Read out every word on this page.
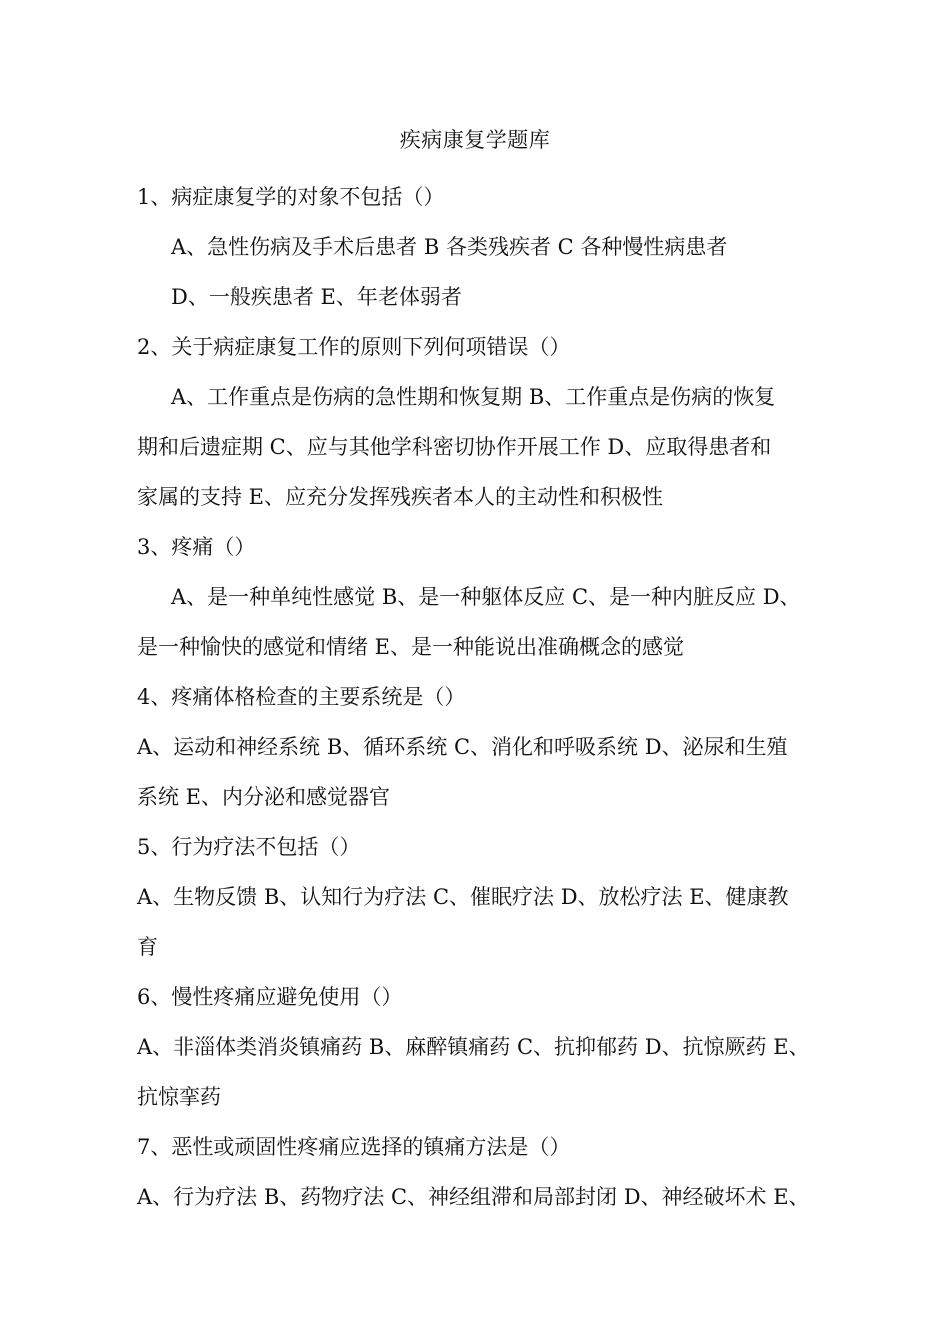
疾病康复学题库
1、病症康复学的对象不包括（）
A、急性伤病及手术后患者 B 各类残疾者 C 各种慢性病患者
D、一般疾患者 E、年老体弱者
2、关于病症康复工作的原则下列何项错误（）
A、工作重点是伤病的急性期和恢复期 B、工作重点是伤病的恢复
期和后遗症期 C、应与其他学科密切协作开展工作 D、应取得患者和
家属的支持 E、应充分发挥残疾者本人的主动性和积极性
3、疼痛（）
A、是一种单纯性感觉 B、是一种躯体反应 C、是一种内脏反应 D、
是一种愉快的感觉和情绪 E、是一种能说出准确概念的感觉
4、疼痛体格检查的主要系统是（）
A、运动和神经系统 B、循环系统 C、消化和呼吸系统 D、泌尿和生殖
系统 E、内分泌和感觉器官
5、行为疗法不包括（）
A、生物反馈 B、认知行为疗法 C、催眠疗法 D、放松疗法 E、健康教
育
6、慢性疼痛应避免使用（）
A、非淄体类消炎镇痛药 B、麻醉镇痛药 C、抗抑郁药 D、抗惊厥药 E、
抗惊挛药
7、恶性或顽固性疼痛应选择的镇痛方法是（）
A、行为疗法 B、药物疗法 C、神经组滞和局部封闭 D、神经破坏术 E、
